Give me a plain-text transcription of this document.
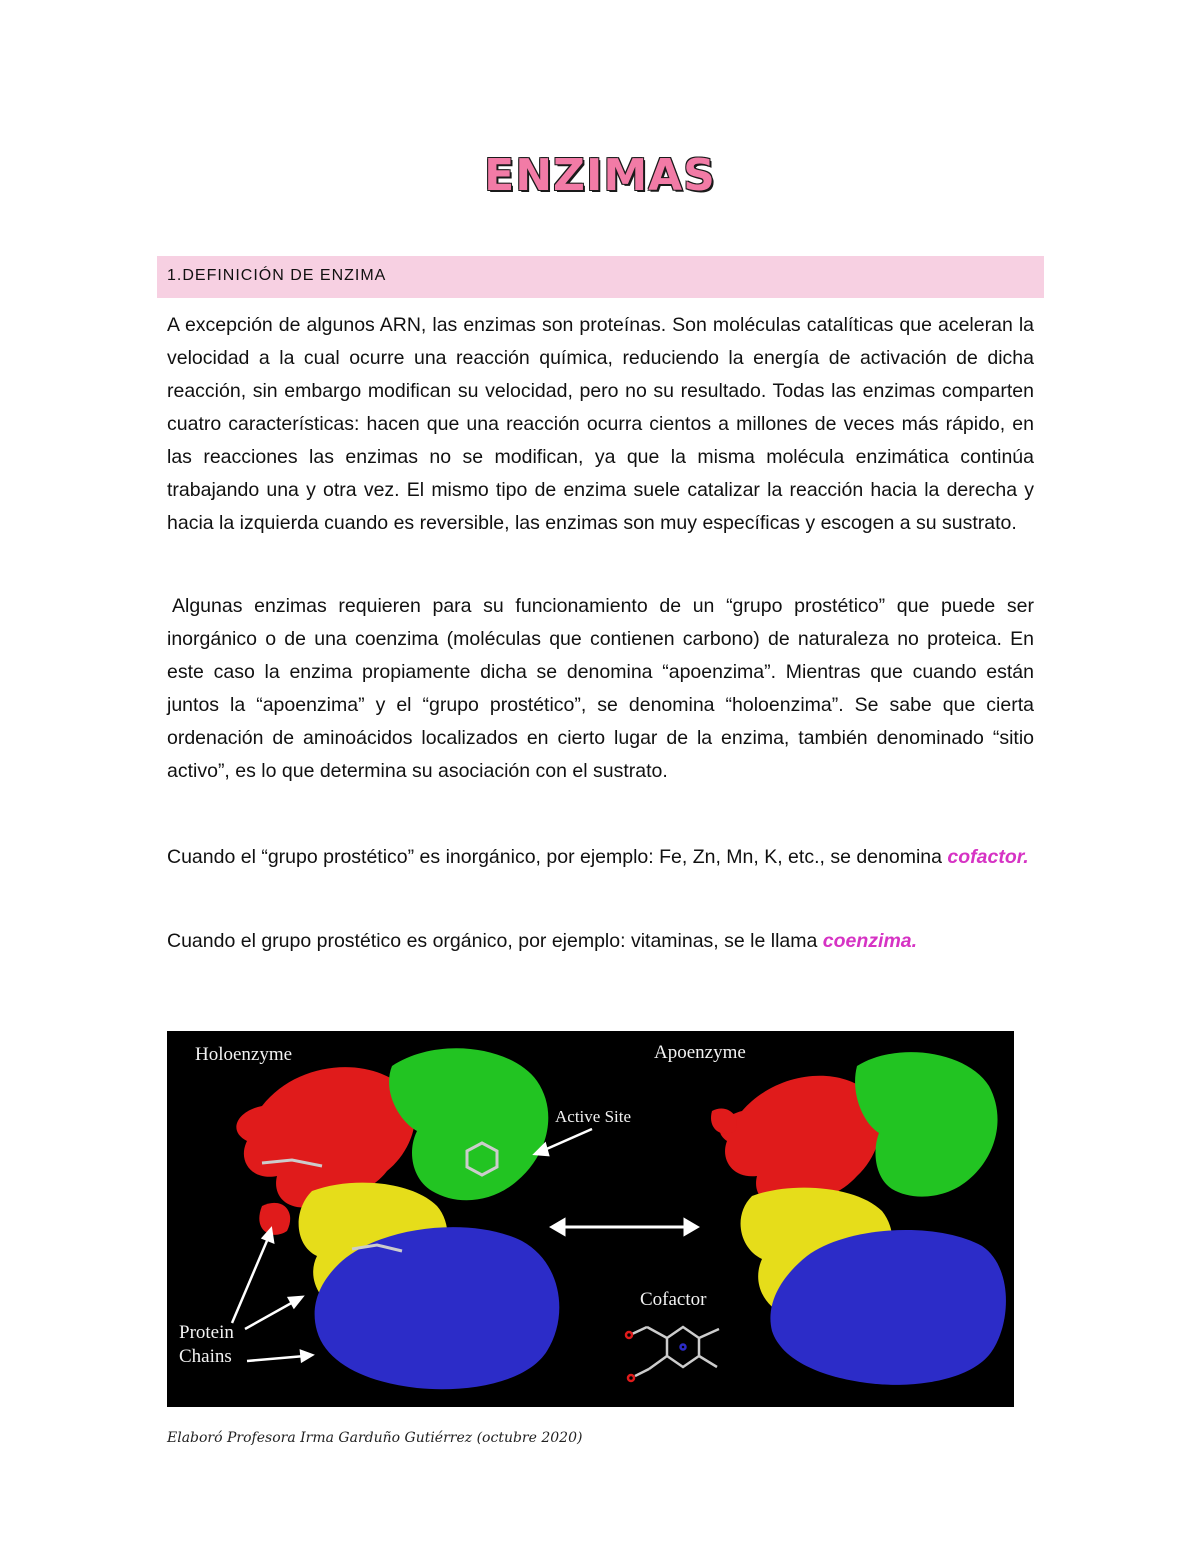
ENZIMAS
1.DEFINICIÓN DE ENZIMA

A excepción de algunos ARN, las enzimas son proteínas. Son moléculas catalíticas que aceleran la velocidad a la cual ocurre una reacción química, reduciendo la energía de activación de dicha reacción, sin embargo modifican su velocidad, pero no su resultado. Todas las enzimas comparten cuatro características: hacen que una reacción ocurra cientos a millones de veces más rápido, en las reacciones las enzimas no se modifican, ya que la misma molécula enzimática continúa trabajando una y otra vez. El mismo tipo de enzima suele catalizar la reacción hacia la derecha y hacia la izquierda cuando es reversible, las enzimas son muy específicas y escogen a su sustrato.

Algunas enzimas requieren para su funcionamiento de un “grupo prostético” que puede ser inorgánico o de una coenzima (moléculas que contienen carbono) de naturaleza no proteica. En este caso la enzima propiamente dicha se denomina “apoenzima”. Mientras que cuando están juntos la “apoenzima” y el “grupo prostético”, se denomina “holoenzima”. Se sabe que cierta ordenación de aminoácidos localizados en cierto lugar de la enzima, también denominado “sitio activo”, es lo que determina su asociación con el sustrato.

Cuando el “grupo prostético” es inorgánico, por ejemplo: Fe, Zn, Mn, K, etc., se denomina cofactor.

Cuando el grupo prostético es orgánico, por ejemplo: vitaminas, se le llama coenzima.

Holoenzyme	Apoenzyme
Active Site
Cofactor
Protein
Chains
Elaboró Profesora Irma Garduño Gutiérrez (octubre 2020)
